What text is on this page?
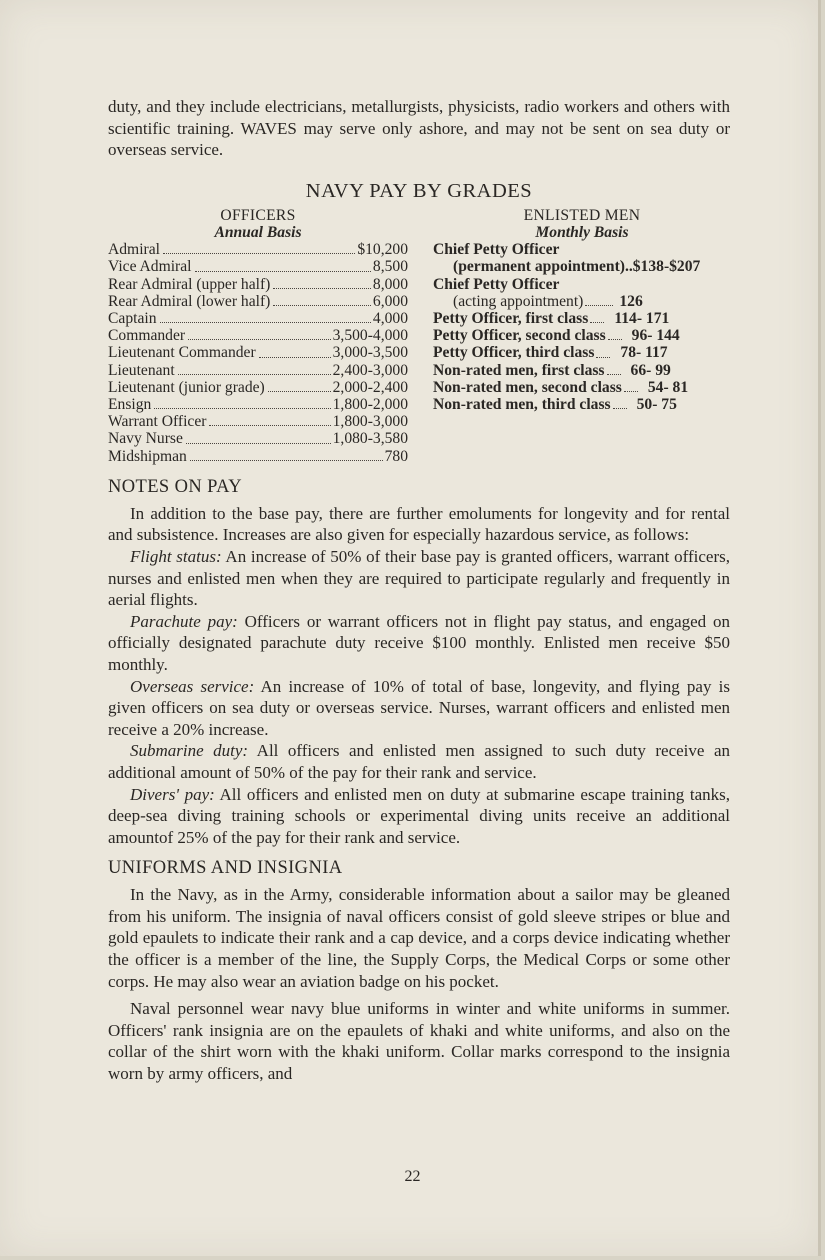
duty, and they include electricians, metallurgists, physicists, radio workers and others with scientific training. WAVES may serve only ashore, and may not be sent on sea duty or overseas service.

NAVY PAY BY GRADES
OFFICERS
Annual Basis
Admiral	$10,200
Vice Admiral	8,500
Rear Admiral (upper half)	8,000
Rear Admiral (lower half)	6,000
Captain	4,000
Commander	3,500-4,000
Lieutenant Commander	3,000-3,500
Lieutenant	2,400-3,000
Lieutenant (junior grade)	2,000-2,400
Ensign	1,800-2,000
Warrant Officer	1,800-3,000
Navy Nurse	1,080-3,580
Midshipman	780
ENLISTED MEN
Monthly Basis
Chief Petty Officer
(permanent appointment)..$138-$207
Chief Petty Officer
(acting appointment) 126
Petty Officer, first class 114- 171
Petty Officer, second class 96- 144
Petty Officer, third class 78- 117
Non-rated men, first class 66- 99
Non-rated men, second class 54- 81
Non-rated men, third class 50- 75
NOTES ON PAY

In addition to the base pay, there are further emoluments for longevity and for rental and subsistence. Increases are also given for especially hazardous service, as follows:

Flight status: An increase of 50% of their base pay is granted officers, warrant officers, nurses and enlisted men when they are required to participate regularly and frequently in aerial flights.

Parachute pay: Officers or warrant officers not in flight pay status, and engaged on officially designated parachute duty receive $100 monthly. Enlisted men receive $50 monthly.

Overseas service: An increase of 10% of total of base, longevity, and flying pay is given officers on sea duty or overseas service. Nurses, warrant officers and enlisted men receive a 20% increase.

Submarine duty: All officers and enlisted men assigned to such duty receive an additional amount of 50% of the pay for their rank and service.

Divers' pay: All officers and enlisted men on duty at submarine escape training tanks, deep-sea diving training schools or experimental diving units receive an additional amountof 25% of the pay for their rank and service.

UNIFORMS AND INSIGNIA

In the Navy, as in the Army, considerable information about a sailor may be gleaned from his uniform. The insignia of naval officers consist of gold sleeve stripes or blue and gold epaulets to indicate their rank and a cap device, and a corps device indicating whether the officer is a member of the line, the Supply Corps, the Medical Corps or some other corps. He may also wear an aviation badge on his pocket.

Naval personnel wear navy blue uniforms in winter and white uniforms in summer. Officers' rank insignia are on the epaulets of khaki and white uniforms, and also on the collar of the shirt worn with the khaki uniform. Collar marks correspond to the insignia worn by army officers, and

22
